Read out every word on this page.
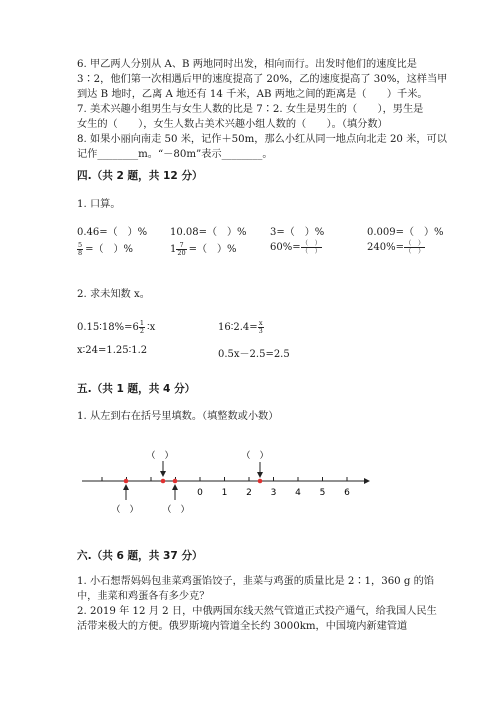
6. 甲乙两人分别从 A、B 两地同时出发，相向而行。出发时他们的速度比是
3∶2，他们第一次相遇后甲的速度提高了 20%，乙的速度提高了 30%，这样当甲
到达 B 地时，乙离 A 地还有 14 千米，AB 两地之间的距离是（　　）千米。
7. 美术兴趣小组男生与女生人数的比是 7∶2. 女生是男生的（　　），男生是
女生的（　　），女生人数占美术兴趣小组人数的（　　）。（填分数）
8. 如果小丽向南走 50 米，记作＋50m，那么小红从同一地点向北走 20 米，可以
记作________m。“－80m”表示________。
四.（共 2 题，共 12 分）
1. 口算。
0.46=（　）% 10.08=（　）% 3=（　）%	0.009=（　）%
$\frac{5}{8}$ =（　）%	$1 \frac{7}{20}$ =（　）%	$60\%= \frac{( )}{( )}$	$240\%= \frac{( )}{( )}$
2. 求未知数 x。
0.15∶18%=6 $\frac{1}{2}$ ∶x	16∶2.4= $\frac{x}{3}$
x∶24=1.25∶1.2	0.5x－2.5=2.5
五.（共 1 题，共 4 分）
1. 从左到右在括号里填数。（填整数或小数）
0 1 2 3 4 5 6
（　）	（　）
（　）	（　）
六.（共 6 题，共 37 分）
1. 小石想帮妈妈包韭菜鸡蛋馅饺子，韭菜与鸡蛋的质量比是 2∶1，360 g 的馅
中，韭菜和鸡蛋各有多少克？
2. 2019 年 12 月 2 日，中俄两国东线天然气管道正式投产通气，给我国人民生
活带来极大的方便。俄罗斯境内管道全长约 3000km，中国境内新建管道
